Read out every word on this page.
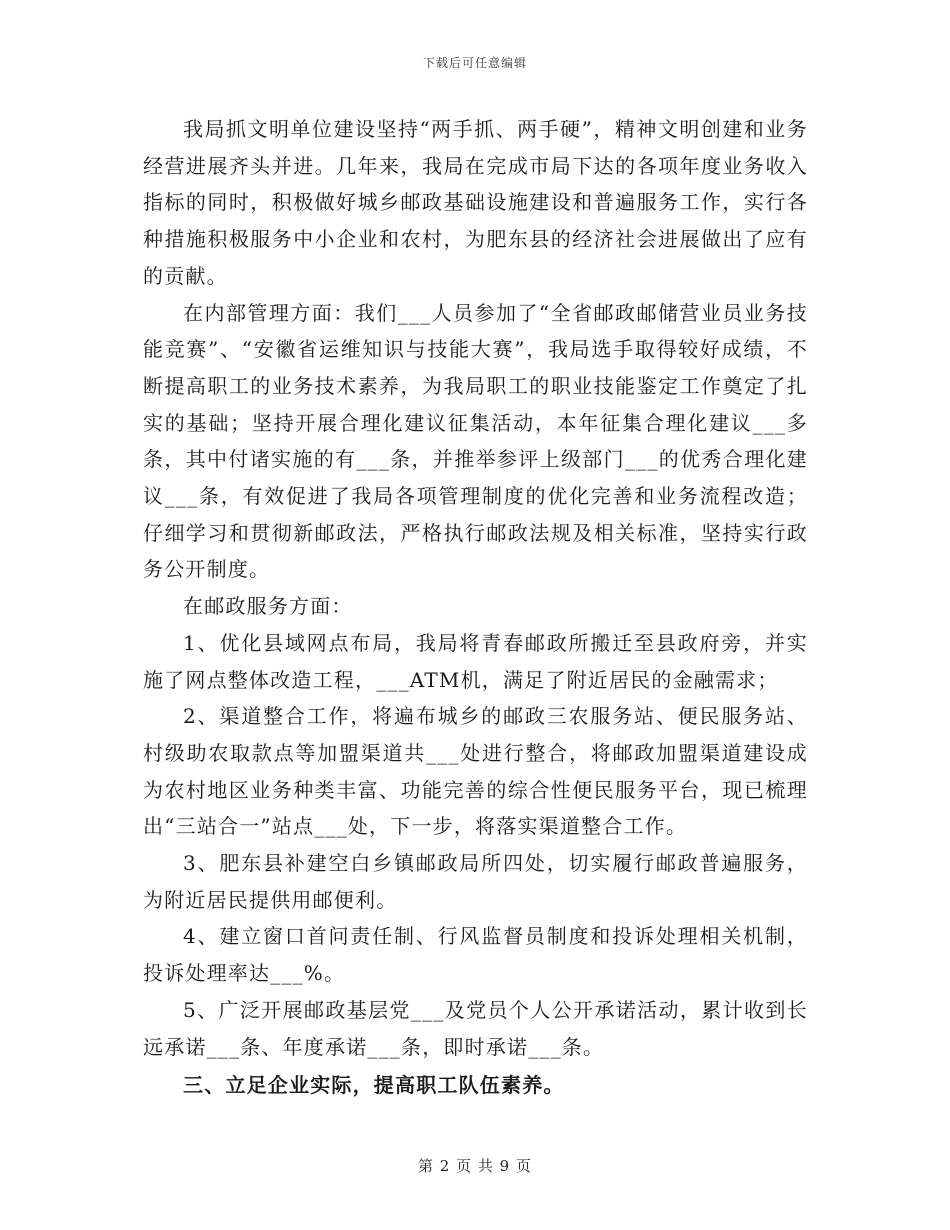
下载后可任意编辑

我局抓文明单位建设坚持“两手抓、两手硬”，精神文明创建和业务经营进展齐头并进。几年来，我局在完成市局下达的各项年度业务收入指标的同时，积极做好城乡邮政基础设施建设和普遍服务工作，实行各种措施积极服务中小企业和农村，为肥东县的经济社会进展做出了应有的贡献。

在内部管理方面：我们___人员参加了“全省邮政邮储营业员业务技能竞赛”、“安徽省运维知识与技能大赛”，我局选手取得较好成绩，不断提高职工的业务技术素养，为我局职工的职业技能鉴定工作奠定了扎实的基础；坚持开展合理化建议征集活动，本年征集合理化建议___多条，其中付诸实施的有___条，并推举参评上级部门___的优秀合理化建议___条，有效促进了我局各项管理制度的优化完善和业务流程改造；仔细学习和贯彻新邮政法，严格执行邮政法规及相关标准，坚持实行政务公开制度。

在邮政服务方面：

1、优化县域网点布局，我局将青春邮政所搬迁至县政府旁，并实施了网点整体改造工程，___ATM机，满足了附近居民的金融需求；

2、渠道整合工作，将遍布城乡的邮政三农服务站、便民服务站、村级助农取款点等加盟渠道共___处进行整合，将邮政加盟渠道建设成为农村地区业务种类丰富、功能完善的综合性便民服务平台，现已梳理出“三站合一”站点___处，下一步，将落实渠道整合工作。

3、肥东县补建空白乡镇邮政局所四处，切实履行邮政普遍服务，为附近居民提供用邮便利。

4、建立窗口首问责任制、行风监督员制度和投诉处理相关机制，投诉处理率达___%。

5、广泛开展邮政基层党___及党员个人公开承诺活动，累计收到长远承诺___条、年度承诺___条，即时承诺___条。

三、立足企业实际，提高职工队伍素养。

第 2 页 共 9 页
